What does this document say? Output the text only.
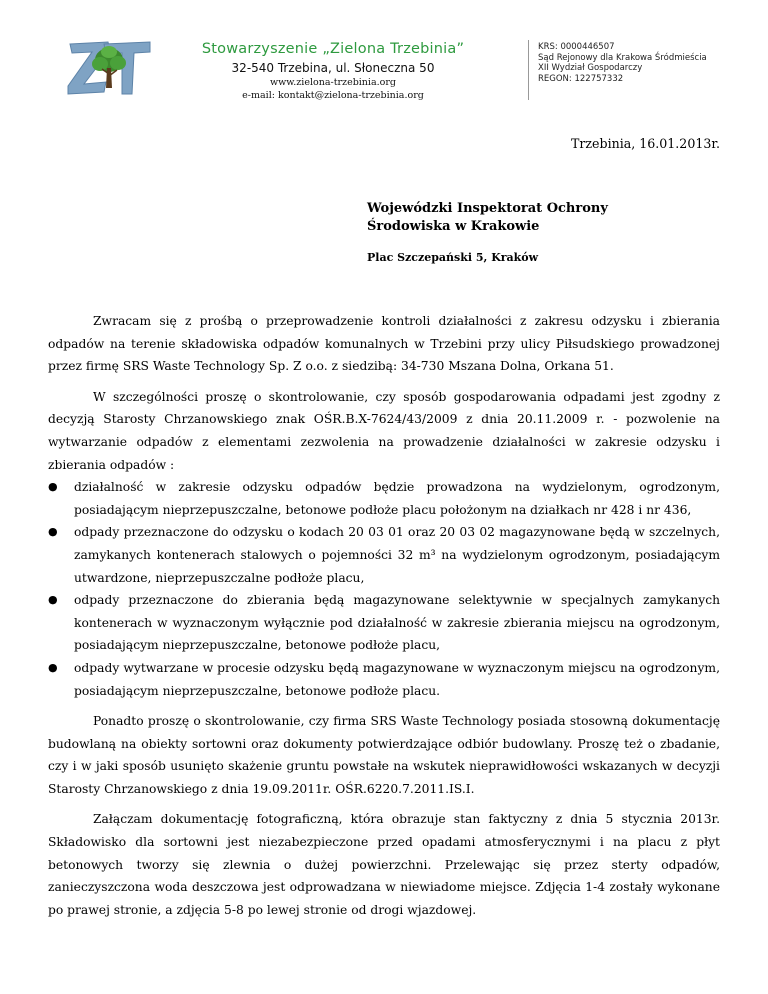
Stowarzyszenie „Zielona Trzebinia”
32-540 Trzebina, ul. Słoneczna 50
www.zielona-trzebinia.org
e-mail: kontakt@zielona-trzebinia.org
KRS: 0000446507
Sąd Rejonowy dla Krakowa Śródmieścia
XII Wydział Gospodarczy
REGON: 122757332
Trzebinia, 16.01.2013r.
Wojewódzki Inspektorat Ochrony
Środowiska w Krakowie
Plac Szczepański 5, Kraków

Zwracam się z prośbą o przeprowadzenie kontroli działalności z zakresu odzysku i zbierania odpadów na terenie składowiska odpadów komunalnych w Trzebini przy ulicy Piłsudskiego prowadzonej przez firmę SRS Waste Technology Sp. Z o.o. z siedzibą: 34-730 Mszana Dolna, Orkana 51.

W szczególności proszę o skontrolowanie, czy sposób gospodarowania odpadami jest zgodny z decyzją Starosty Chrzanowskiego znak OŚR.B.X-7624/43/2009 z dnia 20.11.2009 r. - pozwolenie na wytwarzanie odpadów z elementami zezwolenia na prowadzenie działalności w zakresie odzysku i zbierania odpadów :

● działalność w zakresie odzysku odpadów będzie prowadzona na wydzielonym, ogrodzonym, posiadającym nieprzepuszczalne, betonowe podłoże placu położonym na działkach nr 428 i nr 436,
● odpady przeznaczone do odzysku o kodach 20 03 01 oraz 20 03 02 magazynowane będą w szczelnych, zamykanych kontenerach stalowych o pojemności 32 m³ na wydzielonym ogrodzonym, posiadającym utwardzone, nieprzepuszczalne podłoże placu,
● odpady przeznaczone do zbierania będą magazynowane selektywnie w specjalnych zamykanych kontenerach w wyznaczonym wyłącznie pod działalność w zakresie zbierania miejscu na ogrodzonym, posiadającym nieprzepuszczalne, betonowe podłoże placu,
● odpady wytwarzane w procesie odzysku będą magazynowane w wyznaczonym miejscu na ogrodzonym, posiadającym nieprzepuszczalne, betonowe podłoże placu.

Ponadto proszę o skontrolowanie, czy firma SRS Waste Technology posiada stosowną dokumentację budowlaną na obiekty sortowni oraz dokumenty potwierdzające odbiór budowlany. Proszę też o zbadanie, czy i w jaki sposób usunięto skażenie gruntu powstałe na wskutek nieprawidłowości wskazanych w decyzji Starosty Chrzanowskiego z dnia 19.09.2011r. OŚR.6220.7.2011.IS.I.

Załączam dokumentację fotograficzną, która obrazuje stan faktyczny z dnia 5 stycznia 2013r. Składowisko dla sortowni jest niezabezpieczone przed opadami atmosferycznymi i na placu z płyt betonowych tworzy się zlewnia o dużej powierzchni. Przelewając się przez sterty odpadów, zanieczyszczona woda deszczowa jest odprowadzana w niewiadome miejsce. Zdjęcia 1-4 zostały wykonane po prawej stronie, a zdjęcia 5-8 po lewej stronie od drogi wjazdowej.
